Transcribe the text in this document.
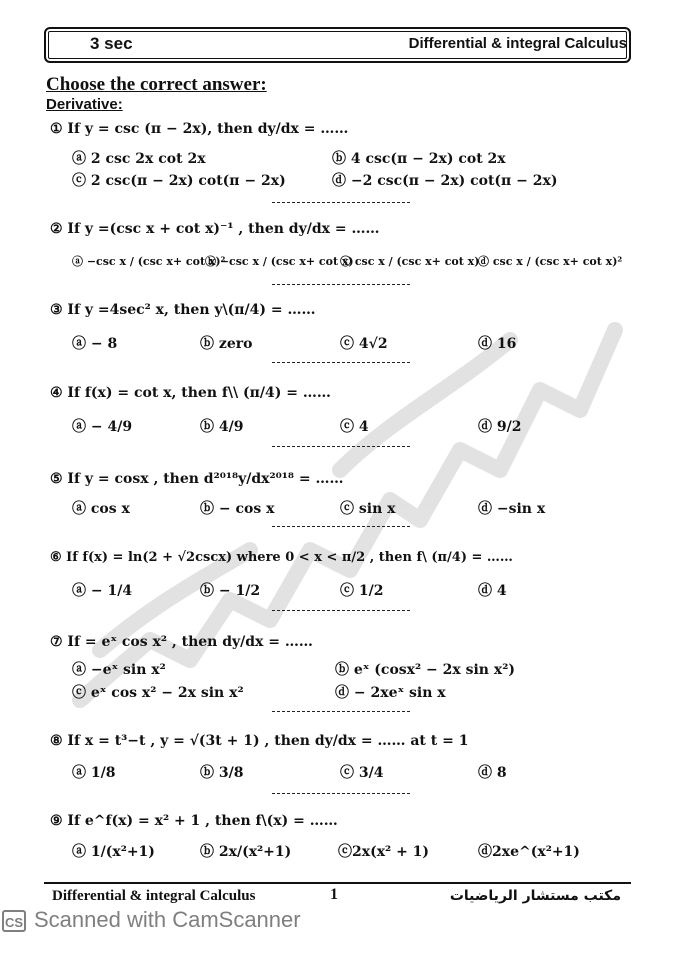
3 sec	Differential & integral Calculus
Choose the correct answer:
Derivative:
① If y = csc (π − 2x), then dy/dx = ……
ⓐ 2 csc 2x cot 2x	ⓑ 4 csc(π − 2x) cot 2x
ⓒ 2 csc(π − 2x) cot(π − 2x)	ⓓ −2 csc(π − 2x) cot(π − 2x)
② If y =(csc x + cot x)⁻¹ , then dy/dx = ……
ⓐ −csc x / (csc x+ cot x)²
ⓑ −csc x / (csc x+ cot x)
ⓒ csc x / (csc x+ cot x)
ⓓ csc x / (csc x+ cot x)²
③ If y =4sec² x, then y\(π/4) = ……
ⓐ − 8	ⓑ zero	ⓒ 4√2	ⓓ 16
④ If f(x) = cot x, then f\\ (π/4) = ……
ⓐ − 4/9	ⓑ 4/9	ⓒ 4	ⓓ 9/2
⑤ If y = cosx , then d²⁰¹⁸y/dx²⁰¹⁸ = ……
ⓐ cos x	ⓑ − cos x	ⓒ sin x	ⓓ −sin x
⑥ If f(x) = ln(2 + √2cscx) where 0 < x < π/2 , then f\ (π/4) = ……
ⓐ − 1/4	ⓑ − 1/2	ⓒ 1/2	ⓓ 4
⑦ If = eˣ cos x² , then dy/dx = ……
ⓐ −eˣ sin x²	ⓑ eˣ (cosx² − 2x sin x²)
ⓒ eˣ cos x² − 2x sin x²	ⓓ − 2xeˣ sin x
⑧ If x = t³−t , y = √(3t + 1) , then dy/dx = …… at t = 1
ⓐ 1/8	ⓑ 3/8	ⓒ 3/4	ⓓ 8
⑨ If e^f(x) = x² + 1 , then f\(x) = ……
ⓐ 1/(x²+1)	ⓑ 2x/(x²+1)	ⓒ2x(x² + 1)	ⓓ2xe^(x²+1)
Differential & integral Calculus	1	مكتب مستشار الرياضيات
CS Scanned with CamScanner
